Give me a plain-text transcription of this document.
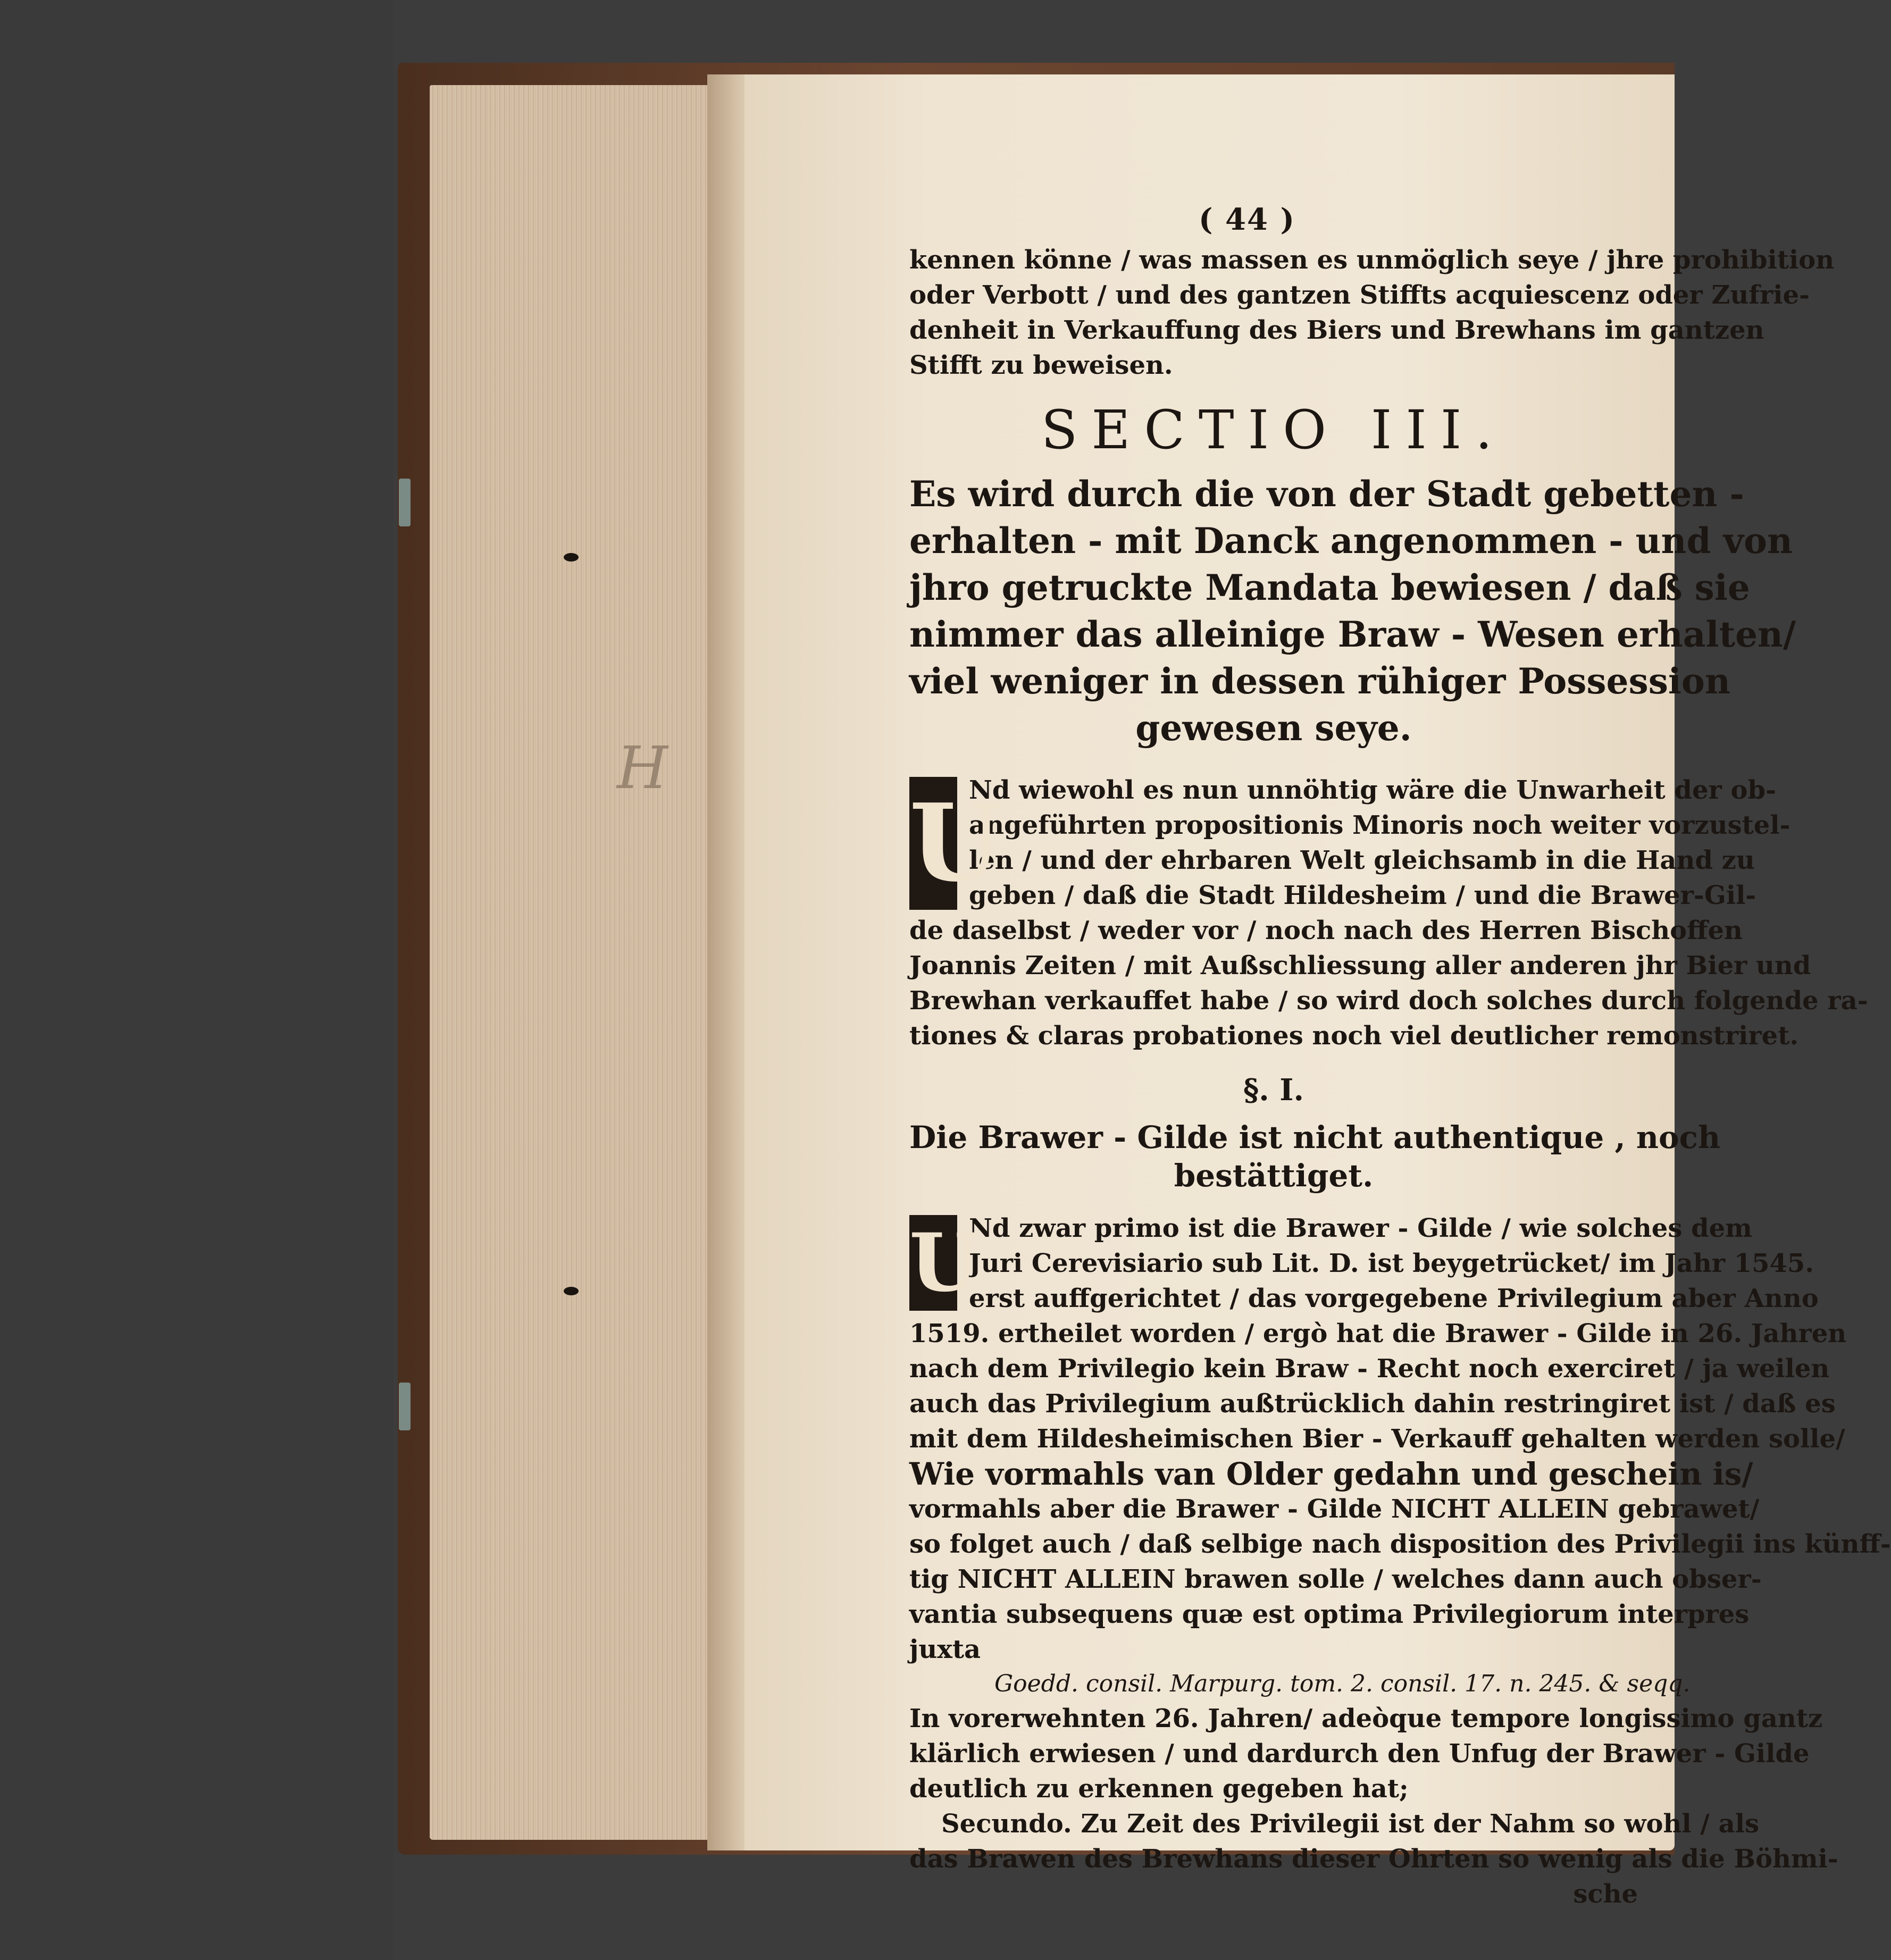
H
( 44 )
kennen könne / was massen es unmöglich seye / jhre prohibition
oder Verbott / und des gantzen Stiffts acquiescenz oder Zufrie-
denheit in Verkauffung des Biers und Brewhans im gantzen
Stifft zu beweisen.
SECTIO III.
Es wird durch die von der Stadt gebetten -
erhalten - mit Danck angenommen - und von
jhro getruckte Mandata bewiesen / daß sie
nimmer das alleinige Braw - Wesen erhalten/
viel weniger in dessen rühiger Possession
gewesen seye.
U
Nd wiewohl es nun unnöhtig wäre die Unwarheit der ob-
angeführten propositionis Minoris noch weiter vorzustel-
len / und der ehrbaren Welt gleichsamb in die Hand zu
geben / daß die Stadt Hildesheim / und die Brawer-Gil-
de daselbst / weder vor / noch nach des Herren Bischoffen
Joannis Zeiten / mit Außschliessung aller anderen jhr Bier und
Brewhan verkauffet habe / so wird doch solches durch folgende ra-
tiones & claras probationes noch viel deutlicher remonstriret.
§. I.
Die Brawer - Gilde ist nicht authentique , noch
bestättiget.
U
Nd zwar primo ist die Brawer - Gilde / wie solches dem
Juri Cerevisiario sub Lit. D. ist beygetrücket/ im Jahr 1545.
erst auffgerichtet / das vorgegebene Privilegium aber Anno
1519. ertheilet worden / ergò hat die Brawer - Gilde in 26. Jahren
nach dem Privilegio kein Braw - Recht noch exerciret / ja weilen
auch das Privilegium außtrücklich dahin restringiret ist / daß es
mit dem Hildesheimischen Bier - Verkauff gehalten werden solle/
Wie vormahls van Older gedahn und geschein is/
vormahls aber die Brawer - Gilde NICHT ALLEIN gebrawet/
so folget auch / daß selbige nach disposition des Privilegii ins künff-
tig NICHT ALLEIN brawen solle / welches dann auch obser-
vantia subsequens quæ est optima Privilegiorum interpres
juxta
Goedd. consil. Marpurg. tom. 2. consil. 17. n. 245. & seqq.
In vorerwehnten 26. Jahren/ adeòque tempore longissimo gantz
klärlich erwiesen / und dardurch den Unfug der Brawer - Gilde
deutlich zu erkennen gegeben hat;
Secundo. Zu Zeit des Privilegii ist der Nahm so wohl / als
das Brawen des Brewhans dieser Ohrten so wenig als die Böhmi-
sche
